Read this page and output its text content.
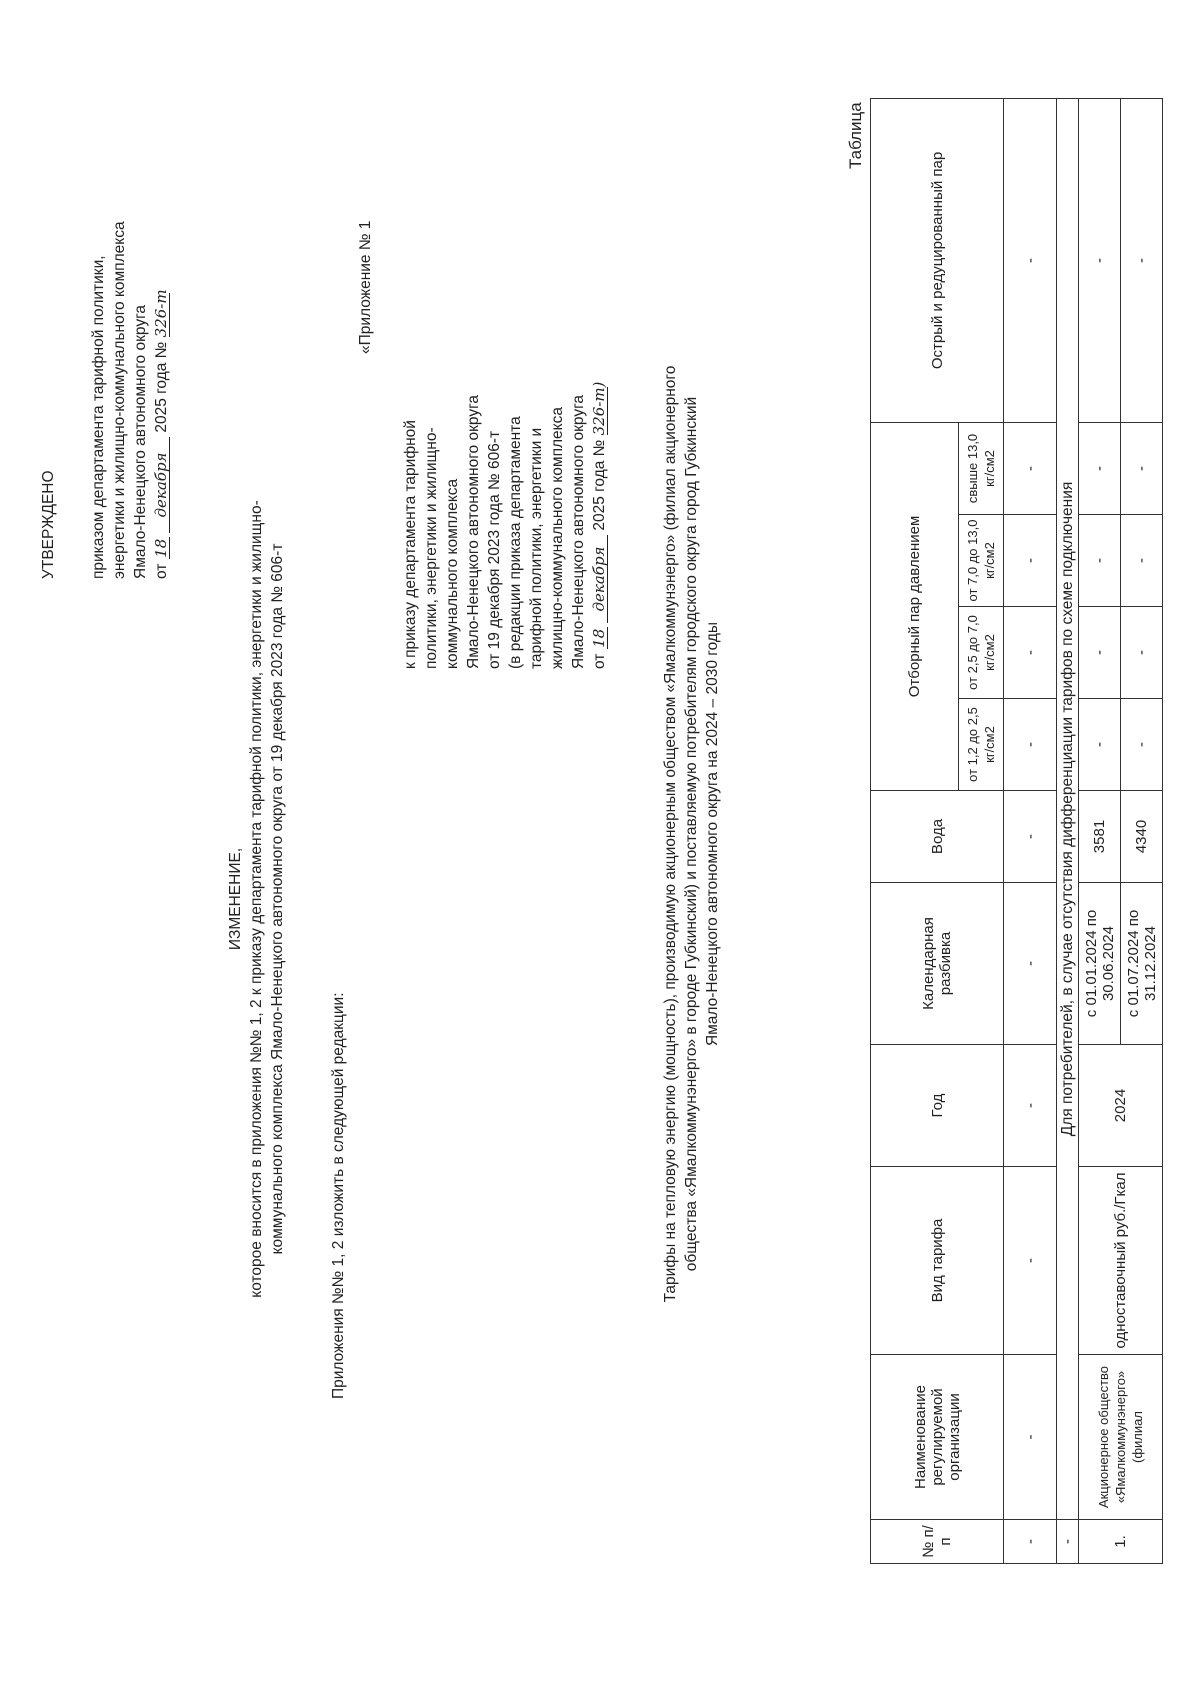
УТВЕРЖДЕНО приказом департамента тарифной политики, энергетики и жилищно-коммунального комплекса Ямало-Ненецкого автономного округа от 18 декабря 2025 года № 326-т
ИЗМЕНЕНИЕ, которое вносится в приложения №№ 1, 2 к приказу департамента тарифной политики, энергетики и жилищно- коммунального комплекса Ямало-Ненецкого автономного округа от 19 декабря 2023 года № 606-т	Приложения №№ 1, 2 изложить в следующей редакции:
«Приложение № 1
к приказу департамента тарифной политики, энергетики и жилищно- коммунального комплекса Ямало-Ненецкого автономного округа от 19 декабря 2023 года № 606-т (в редакции приказа департамента тарифной политики, энергетики и жилищно-коммунального комплекса Ямало-Ненецкого автономного округа от 18 декабря 2025 года № 326-т)	Тарифы на тепловую энергию (мощность), производимую акционерным обществом «Ямалкоммунэнерго» (филиал акционерного общества «Ямалкоммунэнерго» в городе Губкинский) и поставляемую потребителям городского округа город Губкинский Ямало-Ненецкого автономного округа на 2024 – 2030 годы
Таблица
№ п/п	Наименование регулируемой организации	Вид тарифа	Год	Календарная разбивка	Вода	Отборный пар давлением				Острый и редуцированный пар
						от 1,2 до 2,5 кг/см2	от 2,5 до 7,0 кг/см2	от 7,0 до 13,0 кг/см2	свыше 13,0 кг/см2	
-	-	-	-	-	-	-	-	-	-	-
-	Для потребителей, в случае отсутствия дифференциации тарифов по схеме подключения									
1.	Акционерное общество «Ямалкоммунэнерго» (филиал	одноставочный руб./Гкал	2024	с 01.01.2024 по 30.06.2024	3581	-	-	-	-	-
				с 01.07.2024 по 31.12.2024	4340	-	-	-	-	-
